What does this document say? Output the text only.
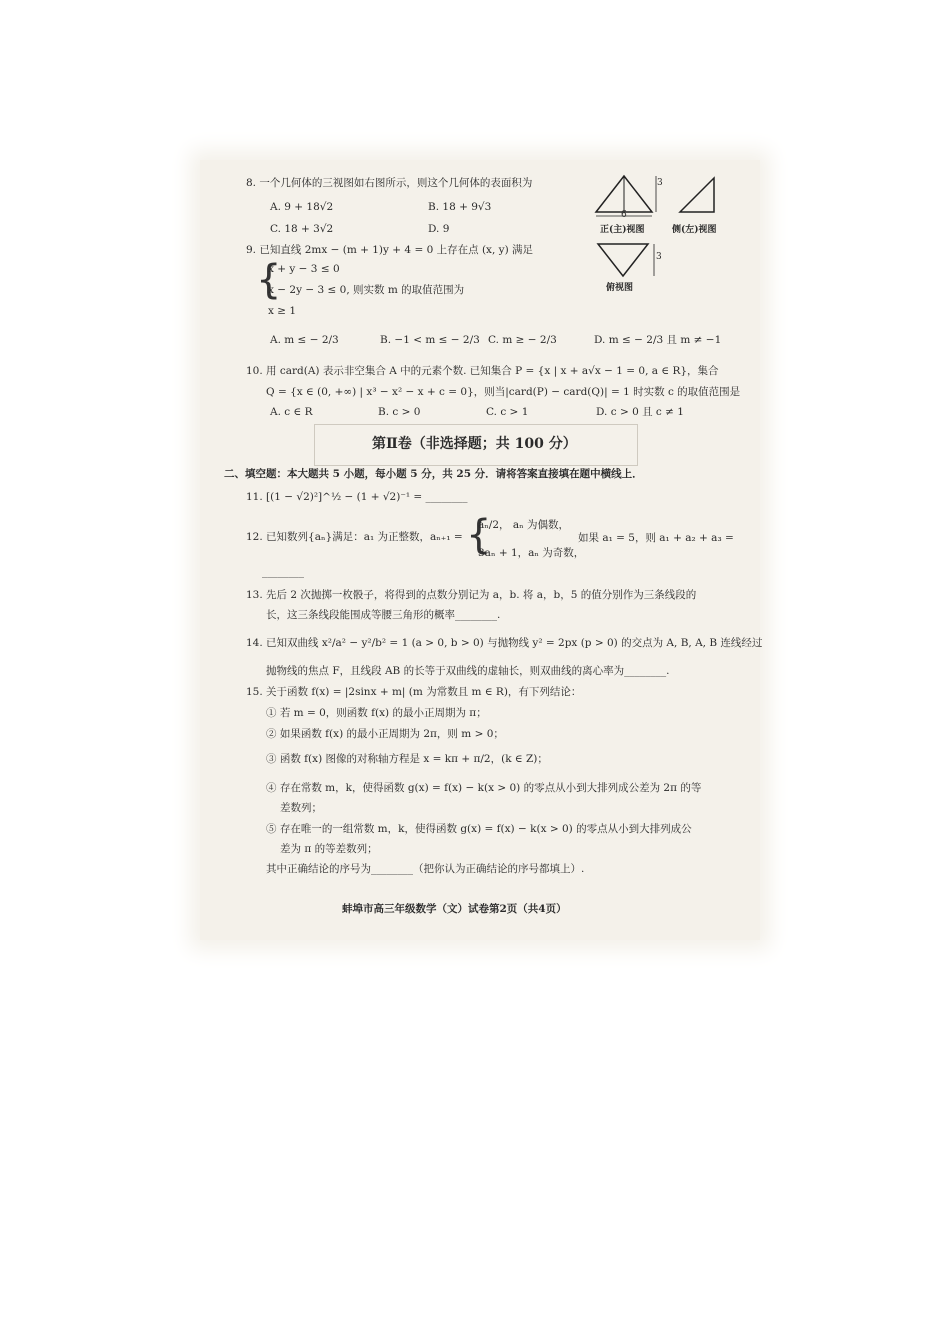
8. 一个几何体的三视图如右图所示，则这个几何体的表面积为
A. 9 + 18√2	B. 18 + 9√3
C. 18 + 3√2	D. 9
3
6
3
正(主)视图	侧(左)视图
俯视图
9. 已知直线 2mx − (m + 1)y + 4 = 0 上存在点 (x, y) 满足
{
x + y − 3 ≤ 0
x − 2y − 3 ≤ 0, 则实数 m 的取值范围为
x ≥ 1
A. m ≤ − 2/3	B. −1 < m ≤ − 2/3 C. m ≥ − 2/3	D. m ≤ − 2/3 且 m ≠ −1
10. 用 card(A) 表示非空集合 A 中的元素个数. 已知集合 P = {x | x + a√x − 1 = 0, a ∈ R}，集合
Q = {x ∈ (0, +∞) | x³ − x² − x + c = 0}，则当|card(P) − card(Q)| = 1 时实数 c 的取值范围是
A. c ∈ R	B. c > 0	C. c > 1	D. c > 0 且 c ≠ 1
第Ⅱ卷（非选择题；共 100 分）
二、填空题：本大题共 5 小题，每小题 5 分，共 25 分．请将答案直接填在题中横线上．
11. [(1 − √2)²]^½ − (1 + √2)⁻¹ = ________
12. 已知数列{aₙ}满足：a₁ 为正整数，aₙ₊₁ = {
aₙ/2， aₙ 为偶数，
3aₙ + 1，aₙ 为奇数，
如果 a₁ = 5，则 a₁ + a₂ + a₃ =
________
13. 先后 2 次抛掷一枚骰子，将得到的点数分别记为 a，b. 将 a，b，5 的值分别作为三条线段的
长，这三条线段能围成等腰三角形的概率________.
14. 已知双曲线 x²/a² − y²/b² = 1 (a > 0, b > 0) 与抛物线 y² = 2px (p > 0) 的交点为 A, B, A, B 连线经过
抛物线的焦点 F，且线段 AB 的长等于双曲线的虚轴长，则双曲线的离心率为________.
15. 关于函数 f(x) = |2sinx + m| (m 为常数且 m ∈ R)，有下列结论：
① 若 m = 0，则函数 f(x) 的最小正周期为 π；
② 如果函数 f(x) 的最小正周期为 2π，则 m > 0；
③ 函数 f(x) 图像的对称轴方程是 x = kπ + π/2，(k ∈ Z)；
④ 存在常数 m，k，使得函数 g(x) = f(x) − k(x > 0) 的零点从小到大排列成公差为 2π 的等
差数列；
⑤ 存在唯一的一组常数 m，k，使得函数 g(x) = f(x) − k(x > 0) 的零点从小到大排列成公
差为 π 的等差数列；
其中正确结论的序号为________（把你认为正确结论的序号都填上）.
蚌埠市高三年级数学（文）试卷第2页（共4页）
